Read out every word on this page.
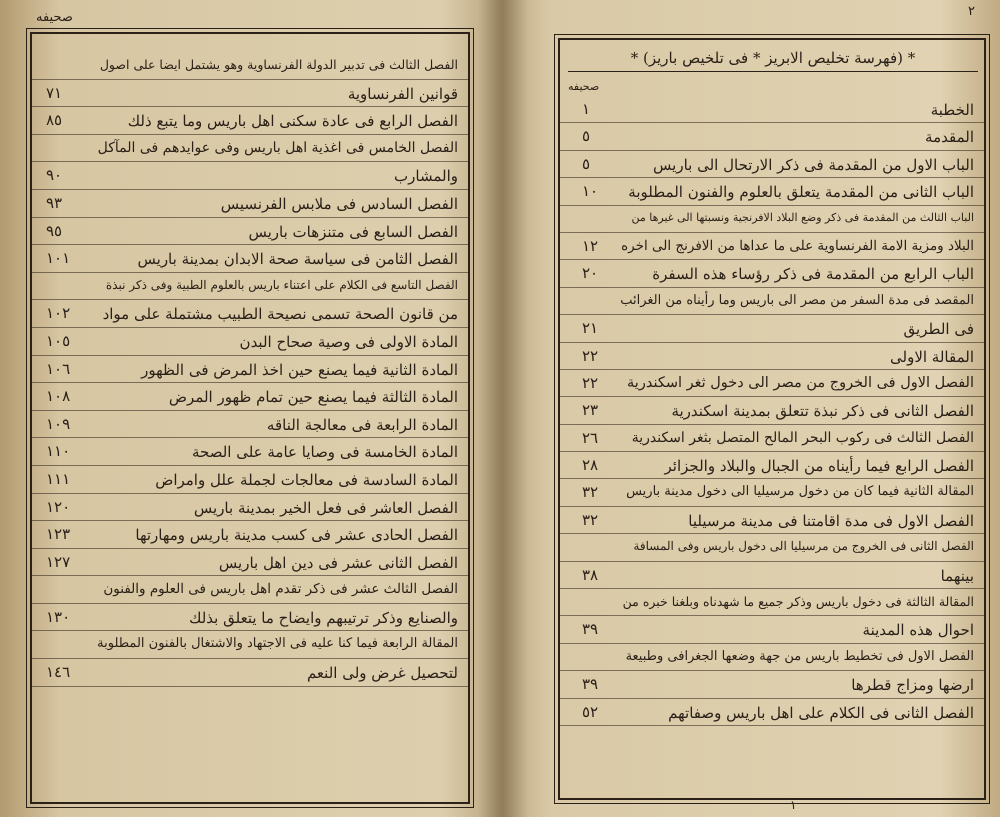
صحيفه
الفصل الثالث فى تدبير الدولة الفرنساوية وهو يشتمل ايضا على اصول
قوانين الفرنساوية
٧١
الفصل الرابع فى عادة سكنى اهل باريس وما يتبع ذلك
٨٥
الفصل الخامس فى اغذية اهل باريس وفى عوايدهم فى المآكل
والمشارب
٩٠
الفصل السادس فى ملابس الفرنسيس
٩٣
الفصل السابع فى متنزهات باريس
٩٥
الفصل الثامن فى سياسة صحة الابدان بمدينة باريس
١٠١
الفصل التاسع فى الكلام على اعتناء باريس بالعلوم الطبية وفى ذكر نبذة
من قانون الصحة تسمى نصيحة الطبيب مشتملة على مواد
١٠٢
المادة الاولى فى وصية صحاح البدن
١٠٥
المادة الثانية فيما يصنع حين اخذ المرض فى الظهور
١٠٦
المادة الثالثة فيما يصنع حين تمام ظهور المرض
١٠٨
المادة الرابعة فى معالجة الناقه
١٠٩
المادة الخامسة فى وصايا عامة على الصحة
١١٠
المادة السادسة فى معالجات لجملة علل وامراض
١١١
الفصل العاشر فى فعل الخير بمدينة باريس
١٢٠
الفصل الحادى عشر فى كسب مدينة باريس ومهارتها
١٢٣
الفصل الثانى عشر فى دين اهل باريس
١٢٧
الفصل الثالث عشر فى ذكر تقدم اهل باريس فى العلوم والفنون
والصنايع وذكر ترتيبهم وايضاح ما يتعلق بذلك
١٣٠
المقالة الرابعة فيما كنا عليه فى الاجتهاد والاشتغال بالفنون المطلوبة
لتحصيل غرض ولى النعم
١٤٦
٢
* (فهرسة تخليص الابريز * فى تلخيص باريز) *
صحيفه
الخطبة
١
المقدمة
٥
الباب الاول من المقدمة فى ذكر الارتحال الى باريس
٥
الباب الثانى من المقدمة يتعلق بالعلوم والفنون المطلوبة
١٠
الباب الثالث من المقدمة فى ذكر وضع البلاد الافرنجية ونسبتها الى غيرها من
البلاد ومزية الامة الفرنساوية على ما عداها من الافرنج الى اخره
١٢
الباب الرابع من المقدمة فى ذكر رؤساء هذه السفرة
٢٠
المقصد فى مدة السفر من مصر الى باريس وما رأيناه من الغرائب
فى الطريق
٢١
المقالة الاولى
٢٢
الفصل الاول فى الخروج من مصر الى دخول ثغر اسكندرية
٢٢
الفصل الثانى فى ذكر نبذة تتعلق بمدينة اسكندرية
٢٣
الفصل الثالث فى ركوب البحر المالح المتصل بثغر اسكندرية
٢٦
الفصل الرابع فيما رأيناه من الجبال والبلاد والجزائر
٢٨
المقالة الثانية فيما كان من دخول مرسيليا الى دخول مدينة باريس
٣٢
الفصل الاول فى مدة اقامتنا فى مدينة مرسيليا
٣٢
الفصل الثانى فى الخروج من مرسيليا الى دخول باريس وفى المسافة
بينهما
٣٨
المقالة الثالثة فى دخول باريس وذكر جميع ما شهدناه وبلغنا خبره من
احوال هذه المدينة
٣٩
الفصل الاول فى تخطيط باريس من جهة وضعها الجغرافى وطبيعة
ارضها ومزاج قطرها
٣٩
الفصل الثانى فى الكلام على اهل باريس وصفاتهم
٥٢
١
